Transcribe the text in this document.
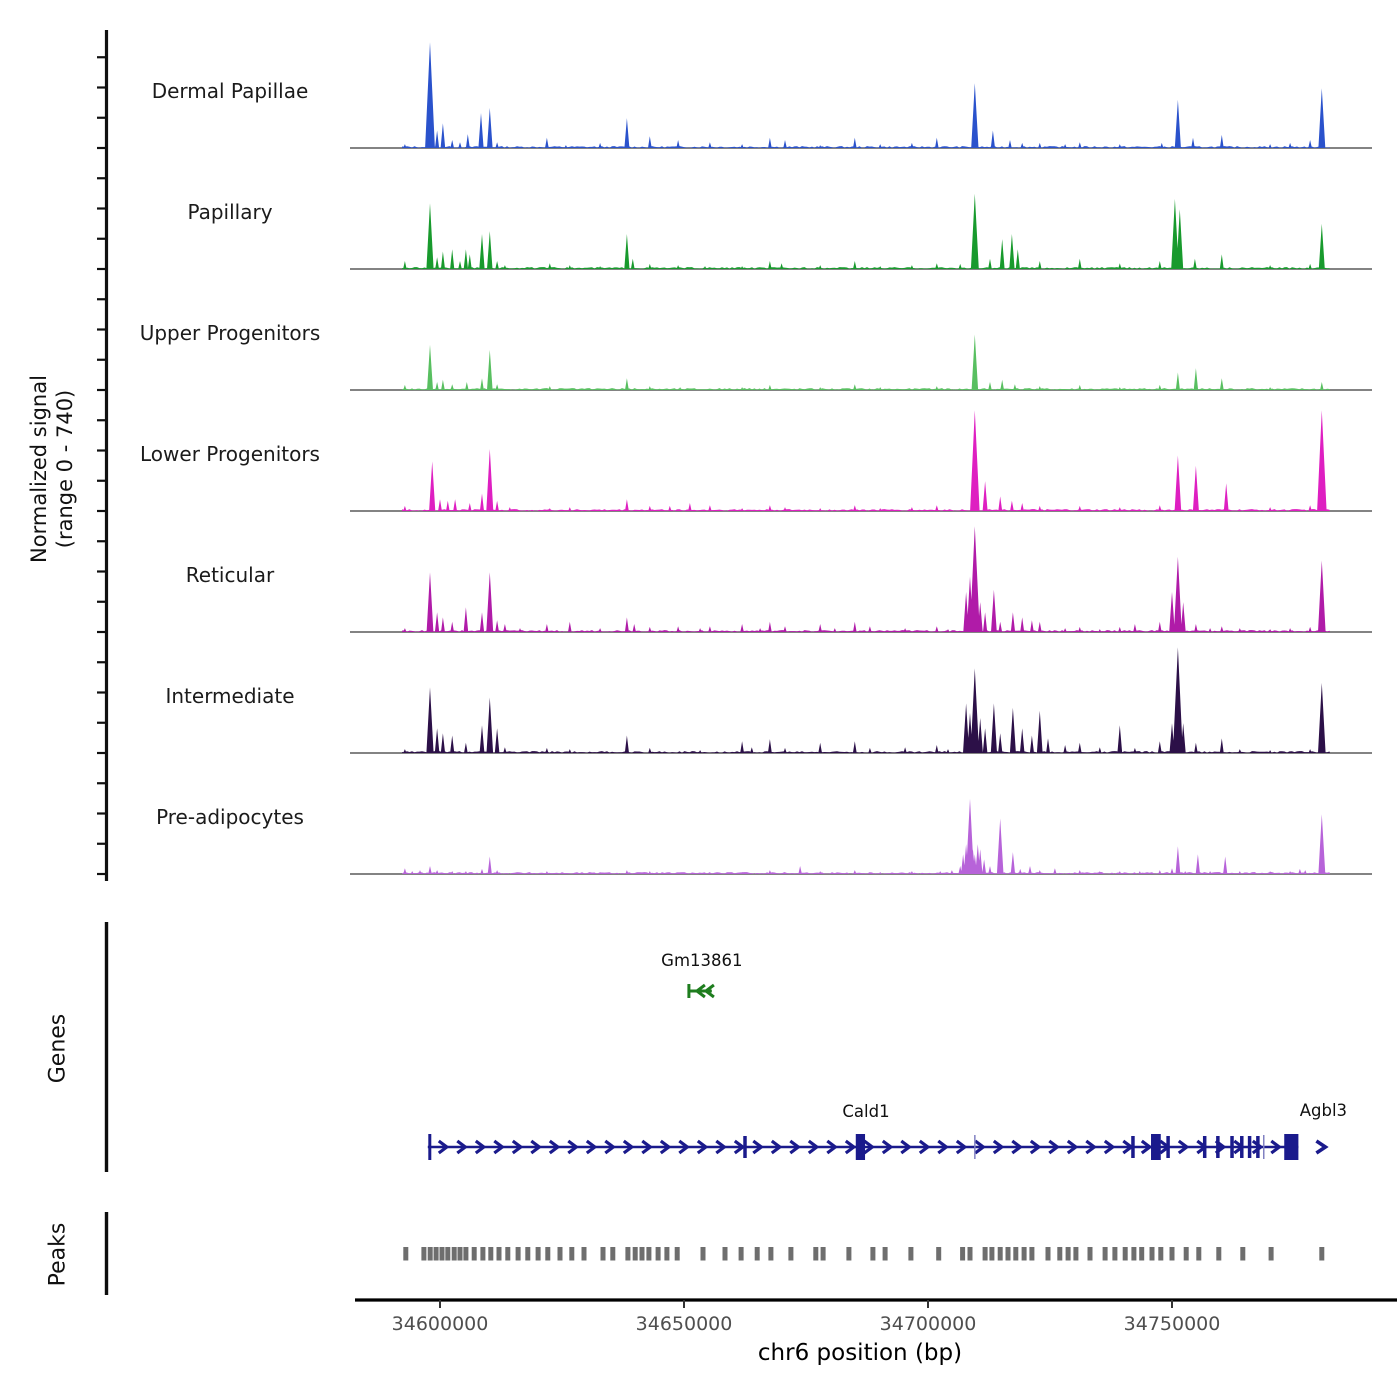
Gm13861
Cald1	Agbl3
34600000	34650000	34700000	34750000
Normalized signal
(range 0 - 740)
Genes
Peaks
chr6 position (bp)
Dermal Papillae
Papillary
Upper Progenitors
Lower Progenitors
Reticular
Intermediate
Pre-adipocytes
